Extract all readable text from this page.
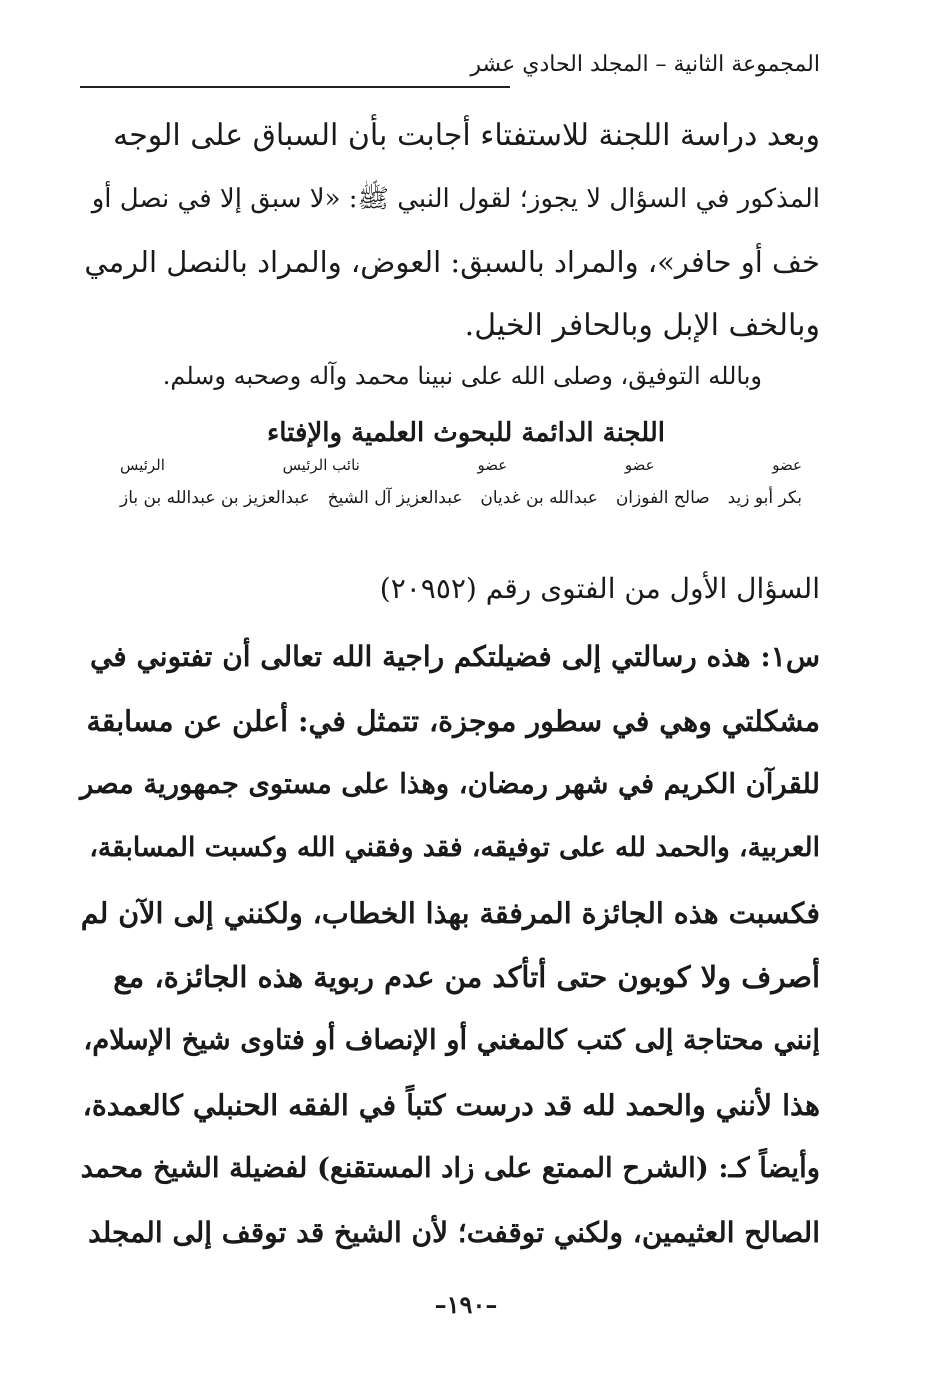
المجموعة الثانية – المجلد الحادي عشر
وبعد دراسة اللجنة للاستفتاء أجابت بأن السباق على الوجه
المذكور في السؤال لا يجوز؛ لقول النبي ﷺ: «لا سبق إلا في نصل أو
خف أو حافر»، والمراد بالسبق: العوض، والمراد بالنصل الرمي
وبالخف الإبل وبالحافر الخيل.
وبالله التوفيق، وصلى الله على نبينا محمد وآله وصحبه وسلم.
اللجنة الدائمة للبحوث العلمية والإفتاء
عضو
عضو
عضو
نائب الرئيس
الرئيس
بكر أبو زيد
صالح الفوزان
عبدالله بن غديان
عبدالعزيز آل الشيخ
عبدالعزيز بن عبدالله بن باز
السؤال الأول من الفتوى رقم (٢٠٩٥٢)
س١: هذه رسالتي إلى فضيلتكم راجية الله تعالى أن تفتوني في
مشكلتي وهي في سطور موجزة، تتمثل في: أعلن عن مسابقة
للقرآن الكريم في شهر رمضان، وهذا على مستوى جمهورية مصر
العربية، والحمد لله على توفيقه، فقد وفقني الله وكسبت المسابقة،
فكسبت هذه الجائزة المرفقة بهذا الخطاب، ولكنني إلى الآن لم
أصرف ولا كوبون حتى أتأكد من عدم ربوية هذه الجائزة، مع
إنني محتاجة إلى كتب كالمغني أو الإنصاف أو فتاوى شيخ الإسلام،
هذا لأنني والحمد لله قد درست كتباً في الفقه الحنبلي كالعمدة،
وأيضاً كـ: (الشرح الممتع على زاد المستقنع) لفضيلة الشيخ محمد
الصالح العثيمين، ولكني توقفت؛ لأن الشيخ قد توقف إلى المجلد
–١٩٠–
